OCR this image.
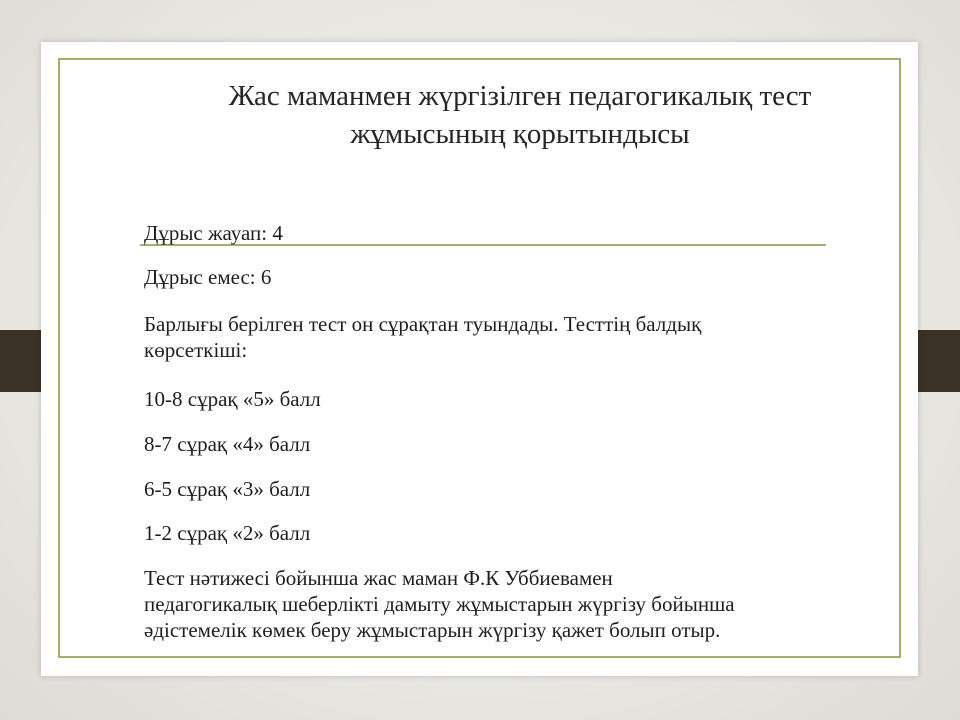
Жас маманмен жүргізілген педагогикалық тест
жұмысының қорытындысы

Дұрыс жауап: 4

Дұрыс емес: 6

Барлығы берілген тест он сұрақтан туындады. Тесттің балдық
көрсеткіші:

10-8 сұрақ «5» балл

8-7 сұрақ «4» балл

6-5 сұрақ «3» балл

1-2 сұрақ «2» балл

Тест нәтижесі бойынша жас маман Ф.К Уббиевамен
педагогикалық шеберлікті дамыту жұмыстарын жүргізу бойынша
әдістемелік көмек беру жұмыстарын жүргізу қажет болып отыр.
